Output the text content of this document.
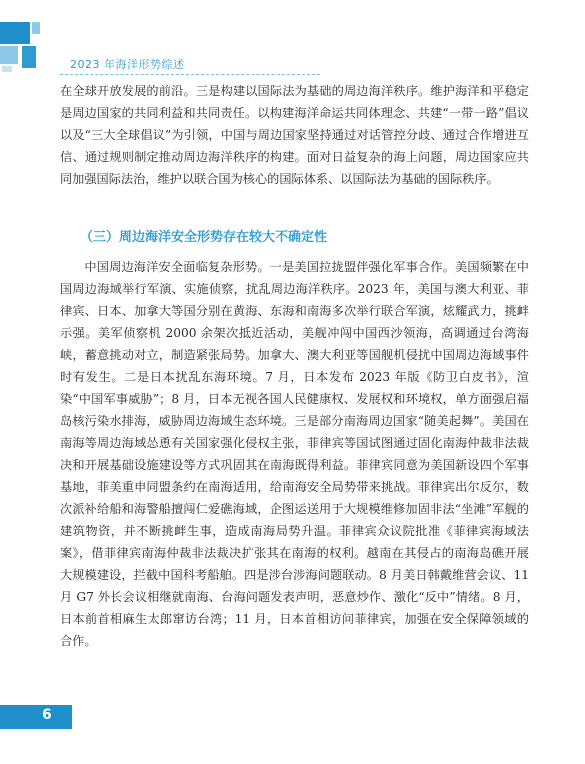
2023 年海洋形势综述

在全球开放发展的前沿。三是构建以国际法为基础的周边海洋秩序。维护海洋和平稳定是周边国家的共同利益和共同责任。以构建海洋命运共同体理念、共建“一带一路”倡议以及“三大全球倡议”为引领，中国与周边国家坚持通过对话管控分歧、通过合作增进互信、通过规则制定推动周边海洋秩序的构建。面对日益复杂的海上问题，周边国家应共同加强国际法治，维护以联合国为核心的国际体系、以国际法为基础的国际秩序。

（三）周边海洋安全形势存在较大不确定性

中国周边海洋安全面临复杂形势。一是美国拉拢盟伴强化军事合作。美国频繁在中国周边海域举行军演、实施侦察，扰乱周边海洋秩序。2023 年，美国与澳大利亚、菲律宾、日本、加拿大等国分别在黄海、东海和南海多次举行联合军演，炫耀武力，挑衅示强。美军侦察机 2000 余架次抵近活动，美舰冲闯中国西沙领海，高调通过台湾海峡，蓄意挑动对立，制造紧张局势。加拿大、澳大利亚等国舰机侵扰中国周边海域事件时有发生。二是日本扰乱东海环境。7 月，日本发布 2023 年版《防卫白皮书》，渲染“中国军事威胁”；8 月，日本无视各国人民健康权、发展权和环境权，单方面强启福岛核污染水排海，威胁周边海域生态环境。三是部分南海周边国家“随美起舞”。美国在南海等周边海域怂恿有关国家强化侵权主张，菲律宾等国试图通过固化南海仲裁非法裁决和开展基础设施建设等方式巩固其在南海既得利益。菲律宾同意为美国新设四个军事基地，菲美重申同盟条约在南海适用，给南海安全局势带来挑战。菲律宾出尔反尔，数次派补给船和海警船擅闯仁爱礁海域，企图运送用于大规模维修加固非法“坐滩”军舰的建筑物资，并不断挑衅生事，造成南海局势升温。菲律宾众议院批准《菲律宾海域法案》，借菲律宾南海仲裁非法裁决扩张其在南海的权利。越南在其侵占的南海岛礁开展大规模建设，拦截中国科考船舶。四是涉台涉海问题联动。8 月美日韩戴维营会议、11 月 G7 外长会议相继就南海、台海问题发表声明，恶意炒作、激化“反中”情绪。8 月，日本前首相麻生太郎窜访台湾；11 月，日本首相访问菲律宾，加强在安全保障领域的合作。

6
